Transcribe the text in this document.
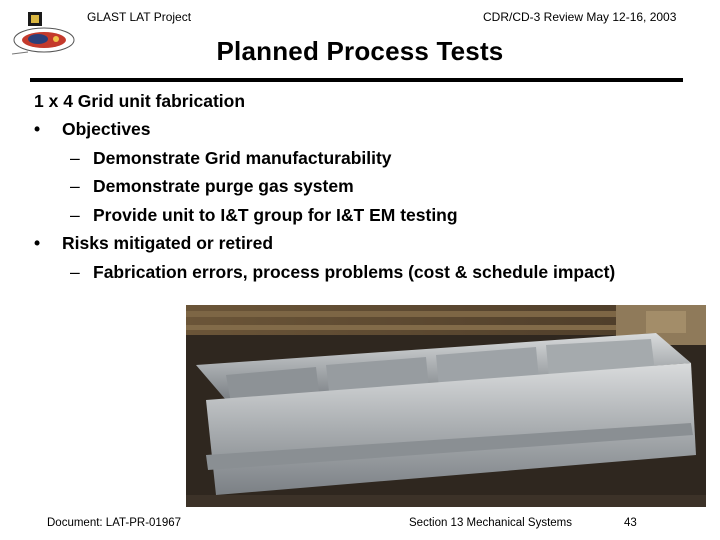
GLAST LAT Project	CDR/CD-3 Review May 12-16, 2003
Planned Process Tests
1 x 4 Grid unit fabrication
• Objectives
– Demonstrate Grid manufacturability
– Demonstrate purge gas system
– Provide unit to I&T group for I&T EM testing
• Risks mitigated or retired
– Fabrication errors, process problems (cost & schedule impact)
Document: LAT-PR-01967	Section 13 Mechanical Systems	43
